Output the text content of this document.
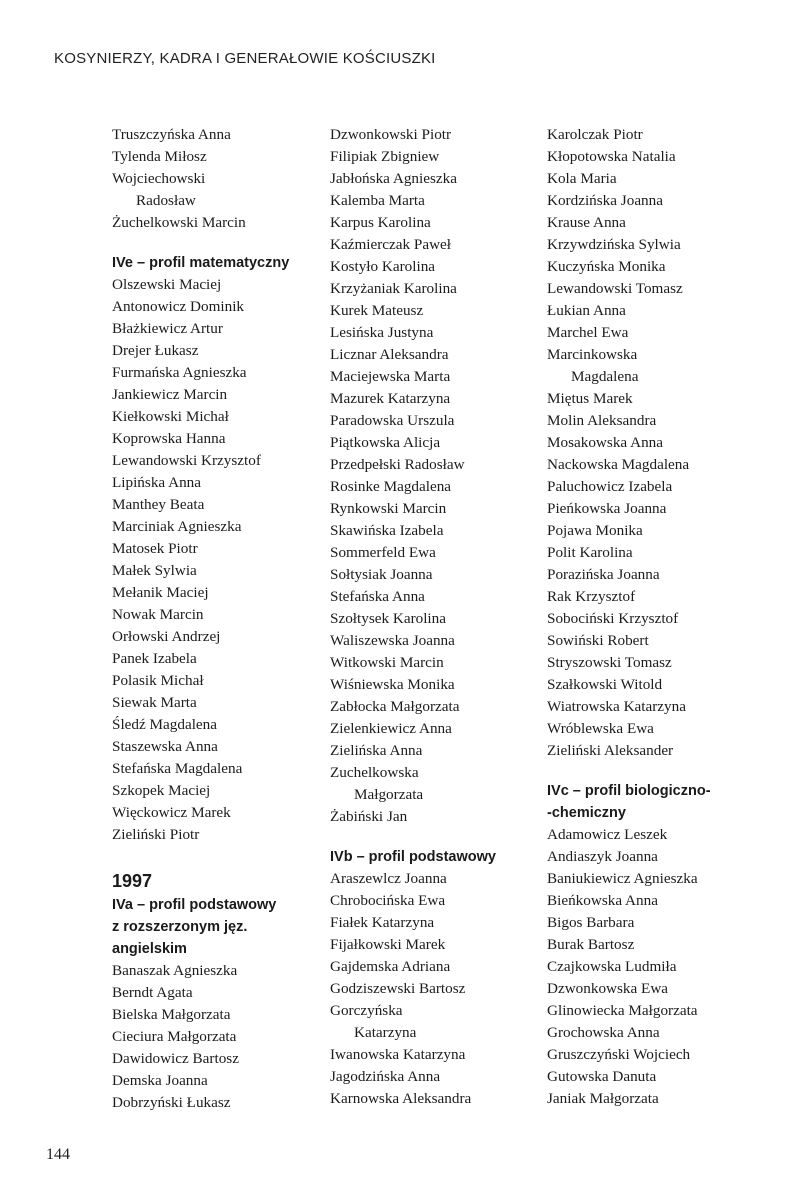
KOSYNIERZY, KADRA I GENERAŁOWIE KOŚCIUSZKI
Truszczyńska Anna
Tylenda Miłosz
Wojciechowski
Radosław
Żuchelkowski Marcin
IVe – profil matematyczny
Olszewski Maciej
Antonowicz Dominik
Błażkiewicz Artur
Drejer Łukasz
Furmańska Agnieszka
Jankiewicz Marcin
Kiełkowski Michał
Koprowska Hanna
Lewandowski Krzysztof
Lipińska Anna
Manthey Beata
Marciniak Agnieszka
Matosek Piotr
Małek Sylwia
Mełanik Maciej
Nowak Marcin
Orłowski Andrzej
Panek Izabela
Polasik Michał
Siewak Marta
Śledź Magdalena
Staszewska Anna
Stefańska Magdalena
Szkopek Maciej
Więckowicz Marek
Zieliński Piotr
1997
IVa – profil podstawowy
z rozszerzonym jęz.
angielskim
Banaszak Agnieszka
Berndt Agata
Bielska Małgorzata
Cieciura Małgorzata
Dawidowicz Bartosz
Demska Joanna
Dobrzyński Łukasz
Dzwonkowski Piotr
Filipiak Zbigniew
Jabłońska Agnieszka
Kalemba Marta
Karpus Karolina
Kaźmierczak Paweł
Kostyło Karolina
Krzyżaniak Karolina
Kurek Mateusz
Lesińska Justyna
Licznar Aleksandra
Maciejewska Marta
Mazurek Katarzyna
Paradowska Urszula
Piątkowska Alicja
Przedpełski Radosław
Rosinke Magdalena
Rynkowski Marcin
Skawińska Izabela
Sommerfeld Ewa
Sołtysiak Joanna
Stefańska Anna
Szołtysek Karolina
Waliszewska Joanna
Witkowski Marcin
Wiśniewska Monika
Zabłocka Małgorzata
Zielenkiewicz Anna
Zielińska Anna
Zuchelkowska
Małgorzata
Żabiński Jan
IVb – profil podstawowy
Araszewlcz Joanna
Chrobocińska Ewa
Fiałek Katarzyna
Fijałkowski Marek
Gajdemska Adriana
Godziszewski Bartosz
Gorczyńska
Katarzyna
Iwanowska Katarzyna
Jagodzińska Anna
Karnowska Aleksandra
Karolczak Piotr
Kłopotowska Natalia
Kola Maria
Kordzińska Joanna
Krause Anna
Krzywdzińska Sylwia
Kuczyńska Monika
Lewandowski Tomasz
Łukian Anna
Marchel Ewa
Marcinkowska
Magdalena
Miętus Marek
Molin Aleksandra
Mosakowska Anna
Nackowska Magdalena
Paluchowicz Izabela
Pieńkowska Joanna
Pojawa Monika
Polit Karolina
Porazińska Joanna
Rak Krzysztof
Sobociński Krzysztof
Sowiński Robert
Stryszowski Tomasz
Szałkowski Witold
Wiatrowska Katarzyna
Wróblewska Ewa
Zieliński Aleksander
IVc – profil biologiczno-
-chemiczny
Adamowicz Leszek
Andiaszyk Joanna
Baniukiewicz Agnieszka
Bieńkowska Anna
Bigos Barbara
Burak Bartosz
Czajkowska Ludmiła
Dzwonkowska Ewa
Glinowiecka Małgorzata
Grochowska Anna
Gruszczyński Wojciech
Gutowska Danuta
Janiak Małgorzata
144
